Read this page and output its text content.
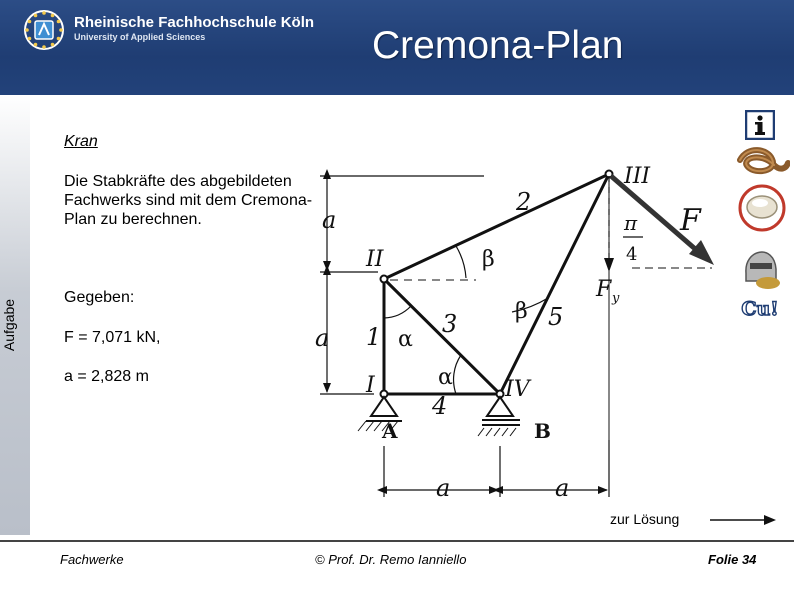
Rheinische Fachhochschule Köln
University of Applied Sciences	Cremona-Plan
Aufgabe
Kran
Die Stabkräfte des abgebildeten Fachwerks sind mit dem Cremona-Plan zu berechnen.
Gegeben:
F = 7,071 kN,
a = 2,828 m
π
4
II
III
I	IV
1
2
3
4
5
A	B
a
a
a	a
β
β
α
α
F
F y	Cu!
zur Lösung
Fachwerke	© Prof. Dr. Remo Ianniello	Folie 34
